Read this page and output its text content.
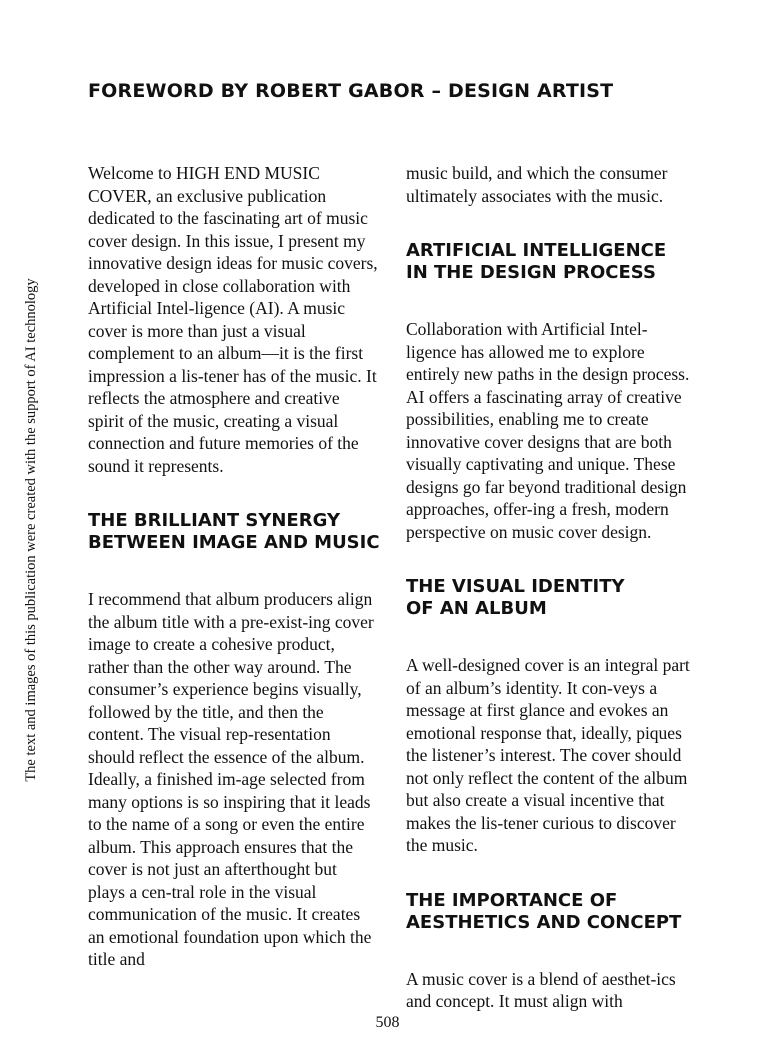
FOREWORD BY ROBERT GABOR – DESIGN ARTIST
The text and images of this publication were created with the support of AI technology

Welcome to HIGH END MUSIC COVER, an exclusive publication dedicated to the fascinating art of music cover design. In this issue, I present my innovative design ideas for music covers, developed in close collaboration with Artificial Intel-ligence (AI). A music cover is more than just a visual complement to an album—it is the first impression a lis-tener has of the music. It reflects the atmosphere and creative spirit of the music, creating a visual connection and future memories of the sound it represents.

THE BRILLIANT SYNERGY
BETWEEN IMAGE AND MUSIC

I recommend that album producers align the album title with a pre-exist-ing cover image to create a cohesive product, rather than the other way around. The consumer’s experience begins visually, followed by the title, and then the content. The visual rep-resentation should reflect the essence of the album. Ideally, a finished im-age selected from many options is so inspiring that it leads to the name of a song or even the entire album. This approach ensures that the cover is not just an afterthought but plays a cen-tral role in the visual communication of the music. It creates an emotional foundation upon which the title and

music build, and which the consumer ultimately associates with the music.

ARTIFICIAL INTELLIGENCE
IN THE DESIGN PROCESS

Collaboration with Artificial Intel-ligence has allowed me to explore entirely new paths in the design process. AI offers a fascinating array of creative possibilities, enabling me to create innovative cover designs that are both visually captivating and unique. These designs go far beyond traditional design approaches, offer-ing a fresh, modern perspective on music cover design.

THE VISUAL IDENTITY
OF AN ALBUM

A well-designed cover is an integral part of an album’s identity. It con-veys a message at first glance and evokes an emotional response that, ideally, piques the listener’s interest. The cover should not only reflect the content of the album but also create a visual incentive that makes the lis-tener curious to discover the music.

THE IMPORTANCE OF
AESTHETICS AND CONCEPT

A music cover is a blend of aesthet-ics and concept. It must align with

508
